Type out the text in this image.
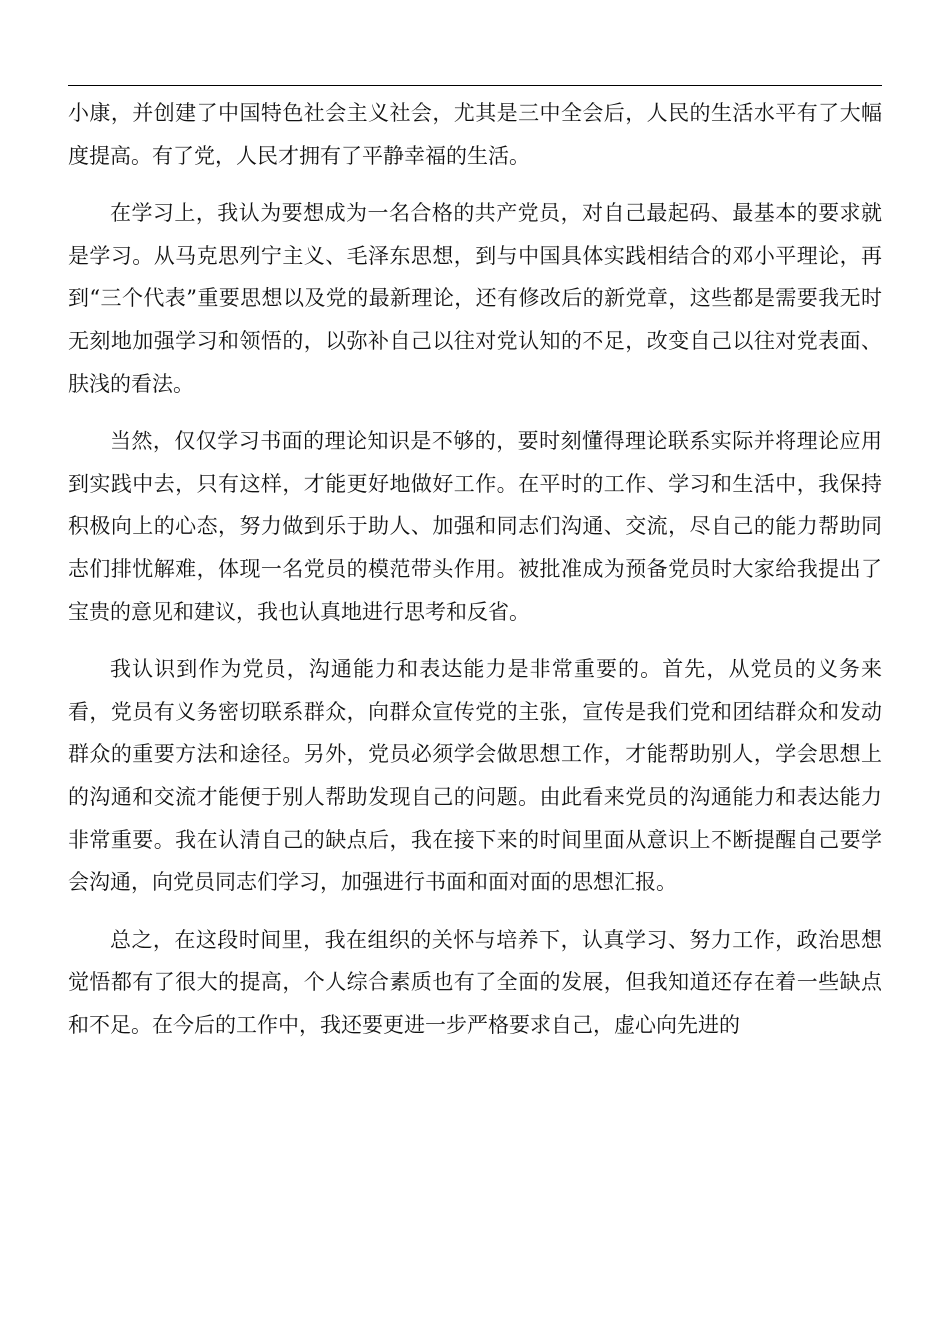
小康，并创建了中国特色社会主义社会，尤其是三中全会后，人民的生活水平有了大幅度提高。有了党，人民才拥有了平静幸福的生活。

在学习上，我认为要想成为一名合格的共产党员，对自己最起码、最基本的要求就是学习。从马克思列宁主义、毛泽东思想，到与中国具体实践相结合的邓小平理论，再到“三个代表”重要思想以及党的最新理论，还有修改后的新党章，这些都是需要我无时无刻地加强学习和领悟的，以弥补自己以往对党认知的不足，改变自己以往对党表面、肤浅的看法。

当然，仅仅学习书面的理论知识是不够的，要时刻懂得理论联系实际并将理论应用到实践中去，只有这样，才能更好地做好工作。在平时的工作、学习和生活中，我保持积极向上的心态，努力做到乐于助人、加强和同志们沟通、交流，尽自己的能力帮助同志们排忧解难，体现一名党员的模范带头作用。被批准成为预备党员时大家给我提出了宝贵的意见和建议，我也认真地进行思考和反省。

我认识到作为党员，沟通能力和表达能力是非常重要的。首先，从党员的义务来看，党员有义务密切联系群众，向群众宣传党的主张，宣传是我们党和团结群众和发动群众的重要方法和途径。另外，党员必须学会做思想工作，才能帮助别人，学会思想上的沟通和交流才能便于别人帮助发现自己的问题。由此看来党员的沟通能力和表达能力非常重要。我在认清自己的缺点后，我在接下来的时间里面从意识上不断提醒自己要学会沟通，向党员同志们学习，加强进行书面和面对面的思想汇报。

总之，在这段时间里，我在组织的关怀与培养下，认真学习、努力工作，政治思想觉悟都有了很大的提高，个人综合素质也有了全面的发展，但我知道还存在着一些缺点和不足。在今后的工作中，我还要更进一步严格要求自己，虚心向先进的
